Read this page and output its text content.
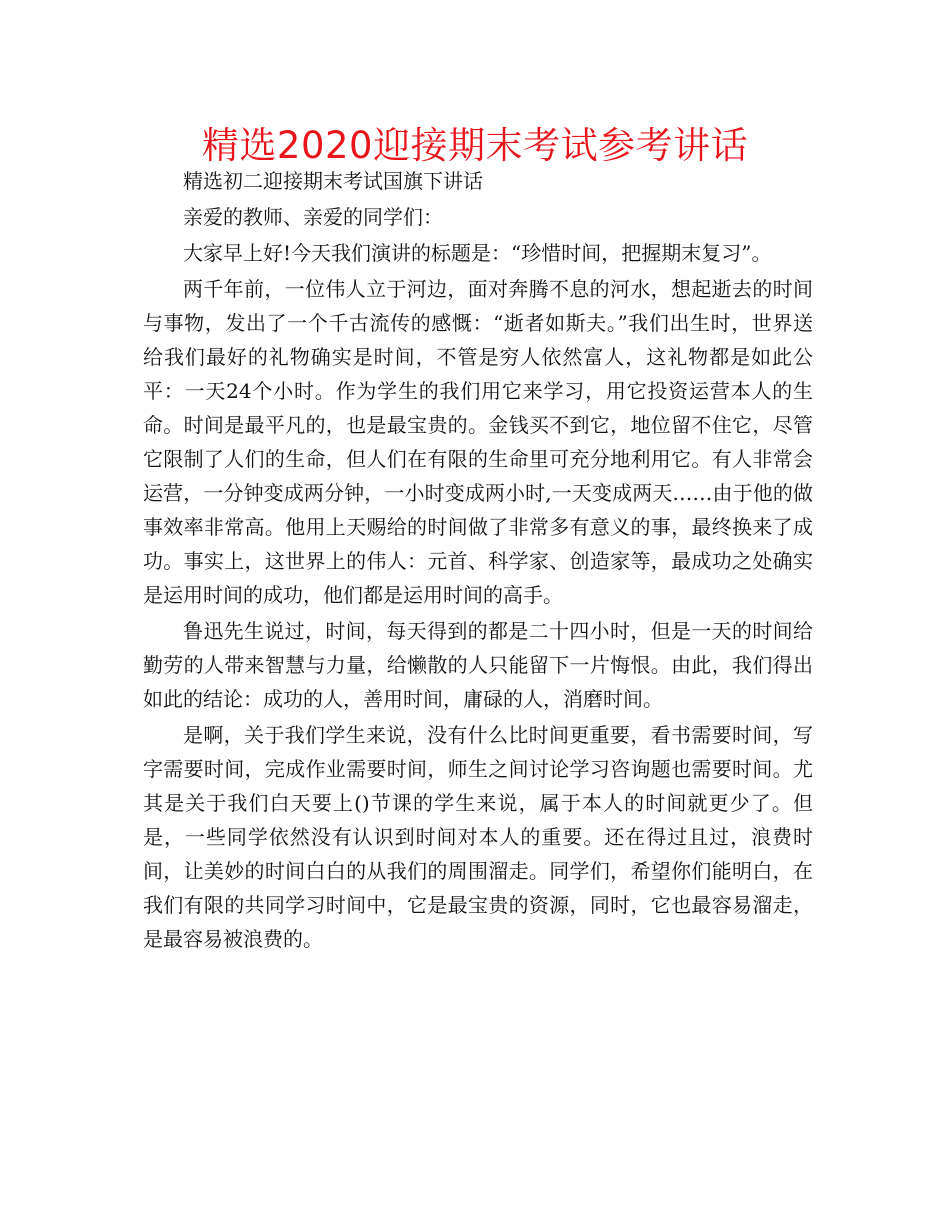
精选2020迎接期末考试参考讲话

精选初二迎接期末考试国旗下讲话

亲爱的教师、亲爱的同学们：

大家早上好!今天我们演讲的标题是：“珍惜时间，把握期末复习”。

两千年前，一位伟人立于河边，面对奔腾不息的河水，想起逝去的时间与事物，发出了一个千古流传的感慨：“逝者如斯夫。”我们出生时，世界送给我们最好的礼物确实是时间，不管是穷人依然富人，这礼物都是如此公平：一天24个小时。作为学生的我们用它来学习，用它投资运营本人的生命。时间是最平凡的，也是最宝贵的。金钱买不到它，地位留不住它，尽管它限制了人们的生命，但人们在有限的生命里可充分地利用它。有人非常会运营，一分钟变成两分钟，一小时变成两小时,一天变成两天……由于他的做事效率非常高。他用上天赐给的时间做了非常多有意义的事，最终换来了成功。事实上，这世界上的伟人：元首、科学家、创造家等，最成功之处确实是运用时间的成功，他们都是运用时间的高手。

鲁迅先生说过，时间，每天得到的都是二十四小时，但是一天的时间给勤劳的人带来智慧与力量，给懒散的人只能留下一片悔恨。由此，我们得出如此的结论：成功的人，善用时间，庸碌的人，消磨时间。

是啊，关于我们学生来说，没有什么比时间更重要，看书需要时间，写字需要时间，完成作业需要时间，师生之间讨论学习咨询题也需要时间。尤其是关于我们白天要上()节课的学生来说，属于本人的时间就更少了。但是，一些同学依然没有认识到时间对本人的重要。还在得过且过，浪费时间，让美妙的时间白白的从我们的周围溜走。同学们，希望你们能明白，在我们有限的共同学习时间中，它是最宝贵的资源，同时，它也最容易溜走，是最容易被浪费的。
